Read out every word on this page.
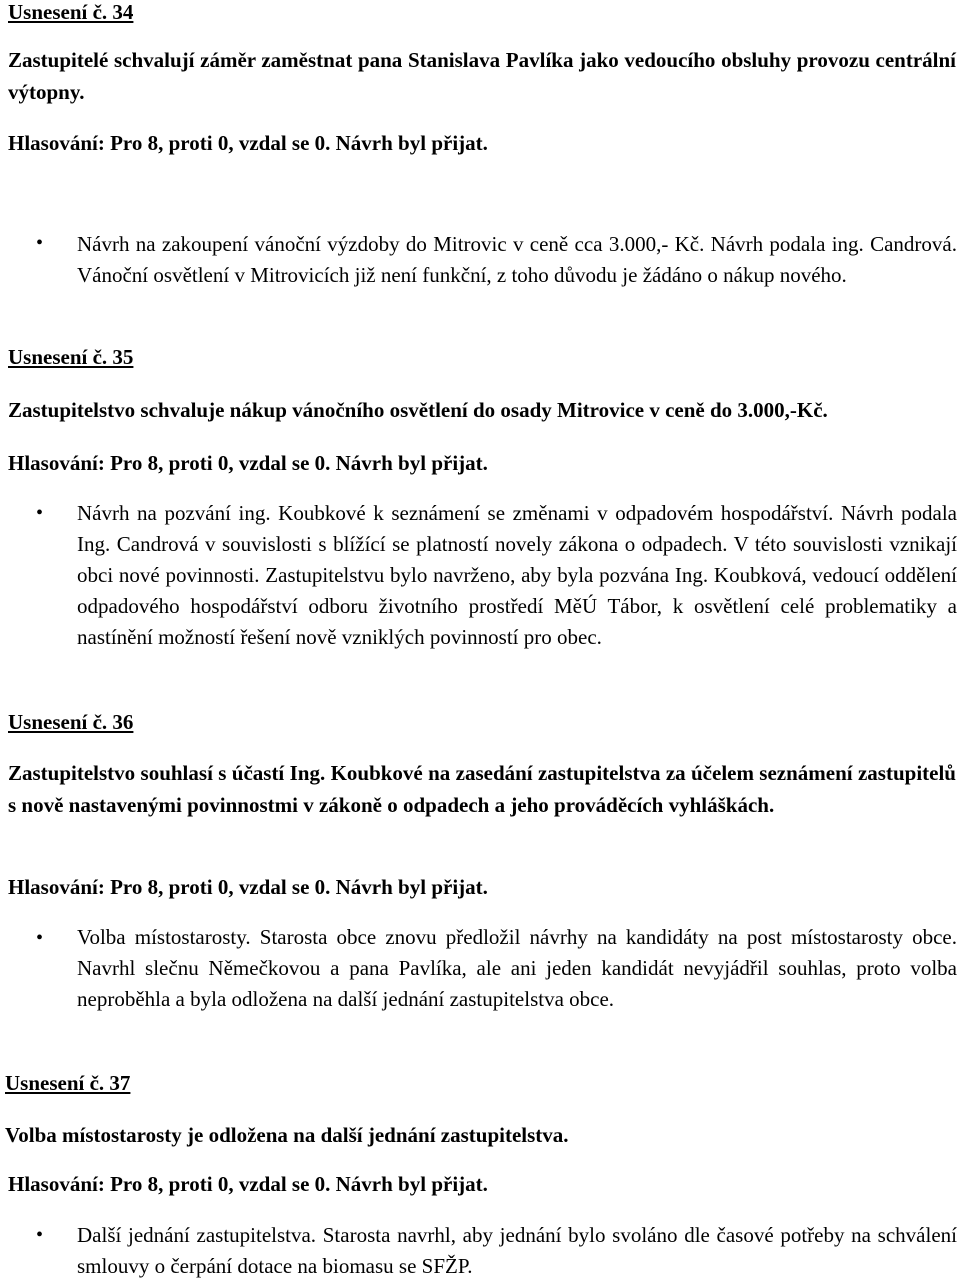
Usnesení č. 34
Zastupitelé schvalují záměr zaměstnat pana Stanislava Pavlíka jako vedoucího obsluhy provozu centrální výtopny.
Hlasování: Pro 8, proti 0, vzdal se 0. Návrh byl přijat.
• Návrh na zakoupení vánoční výzdoby do Mitrovic v ceně cca 3.000,- Kč. Návrh podala ing. Candrová. Vánoční osvětlení v Mitrovicích již není funkční, z toho důvodu je žádáno o nákup nového.
Usnesení č. 35
Zastupitelstvo schvaluje nákup vánočního osvětlení do osady Mitrovice v ceně do 3.000,-Kč.
Hlasování: Pro 8, proti 0, vzdal se 0. Návrh byl přijat.
• Návrh na pozvání ing. Koubkové k seznámení se změnami v odpadovém hospodářství. Návrh podala Ing. Candrová v souvislosti s blížící se platností novely zákona o odpadech. V této souvislosti vznikají obci nové povinnosti. Zastupitelstvu bylo navrženo, aby byla pozvána Ing. Koubková, vedoucí oddělení odpadového hospodářství odboru životního prostředí MěÚ Tábor, k osvětlení celé problematiky a nastínění možností řešení nově vzniklých povinností pro obec.
Usnesení č. 36
Zastupitelstvo souhlasí s účastí Ing. Koubkové na zasedání zastupitelstva za účelem seznámení zastupitelů s nově nastavenými povinnostmi v zákoně o odpadech a jeho prováděcích vyhláškách.
Hlasování: Pro 8, proti 0, vzdal se 0. Návrh byl přijat.
• Volba místostarosty. Starosta obce znovu předložil návrhy na kandidáty na post místostarosty obce. Navrhl slečnu Němečkovou a pana Pavlíka, ale ani jeden kandidát nevyjádřil souhlas, proto volba neproběhla a byla odložena na další jednání zastupitelstva obce.
Usnesení č. 37
Volba místostarosty je odložena na další jednání zastupitelstva.
Hlasování: Pro 8, proti 0, vzdal se 0. Návrh byl přijat.
• Další jednání zastupitelstva. Starosta navrhl, aby jednání bylo svoláno dle časové potřeby na schválení smlouvy o čerpání dotace na biomasu se SFŽP.
